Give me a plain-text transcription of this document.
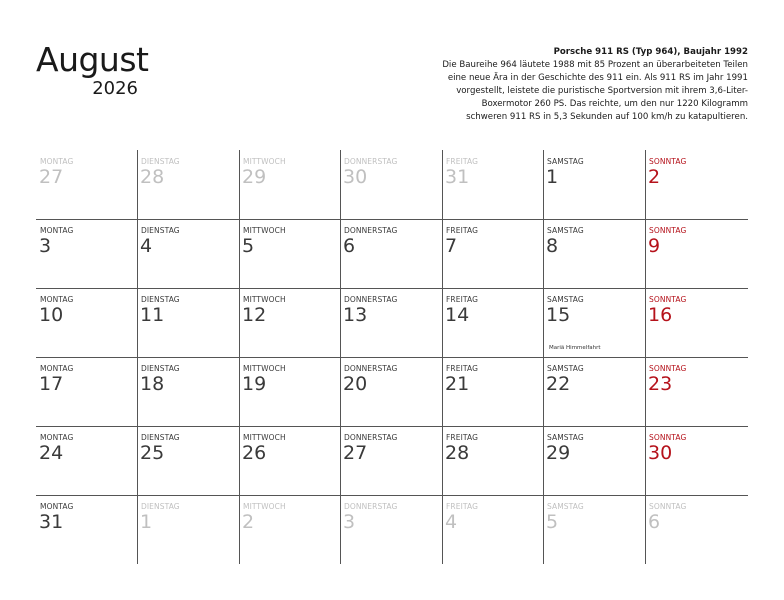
August
2026
Porsche 911 RS (Typ 964), Baujahr 1992
Die Baureihe 964 läutete 1988 mit 85 Prozent an überarbeiteten Teilen
eine neue Ära in der Geschichte des 911 ein. Als 911 RS im Jahr 1991
vorgestellt, leistete die puristische Sportversion mit ihrem 3,6-Liter-
Boxermotor 260 PS. Das reichte, um den nur 1220 Kilogramm
schweren 911 RS in 5,3 Sekunden auf 100 km/h zu katapultieren.
MONTAG
27
DIENSTAG
28
MITTWOCH
29
DONNERSTAG
30
FREITAG
31
SAMSTAG
1
SONNTAG
2
MONTAG
3
DIENSTAG
4
MITTWOCH
5
DONNERSTAG
6
FREITAG
7
SAMSTAG
8
SONNTAG
9
MONTAG
10
DIENSTAG
11
MITTWOCH
12
DONNERSTAG
13
FREITAG
14
SAMSTAG
15
Mariä Himmelfahrt
SONNTAG
16
MONTAG
17
DIENSTAG
18
MITTWOCH
19
DONNERSTAG
20
FREITAG
21
SAMSTAG
22
SONNTAG
23
MONTAG
24
DIENSTAG
25
MITTWOCH
26
DONNERSTAG
27
FREITAG
28
SAMSTAG
29
SONNTAG
30
MONTAG
31
DIENSTAG
1
MITTWOCH
2
DONNERSTAG
3
FREITAG
4
SAMSTAG
5
SONNTAG
6
